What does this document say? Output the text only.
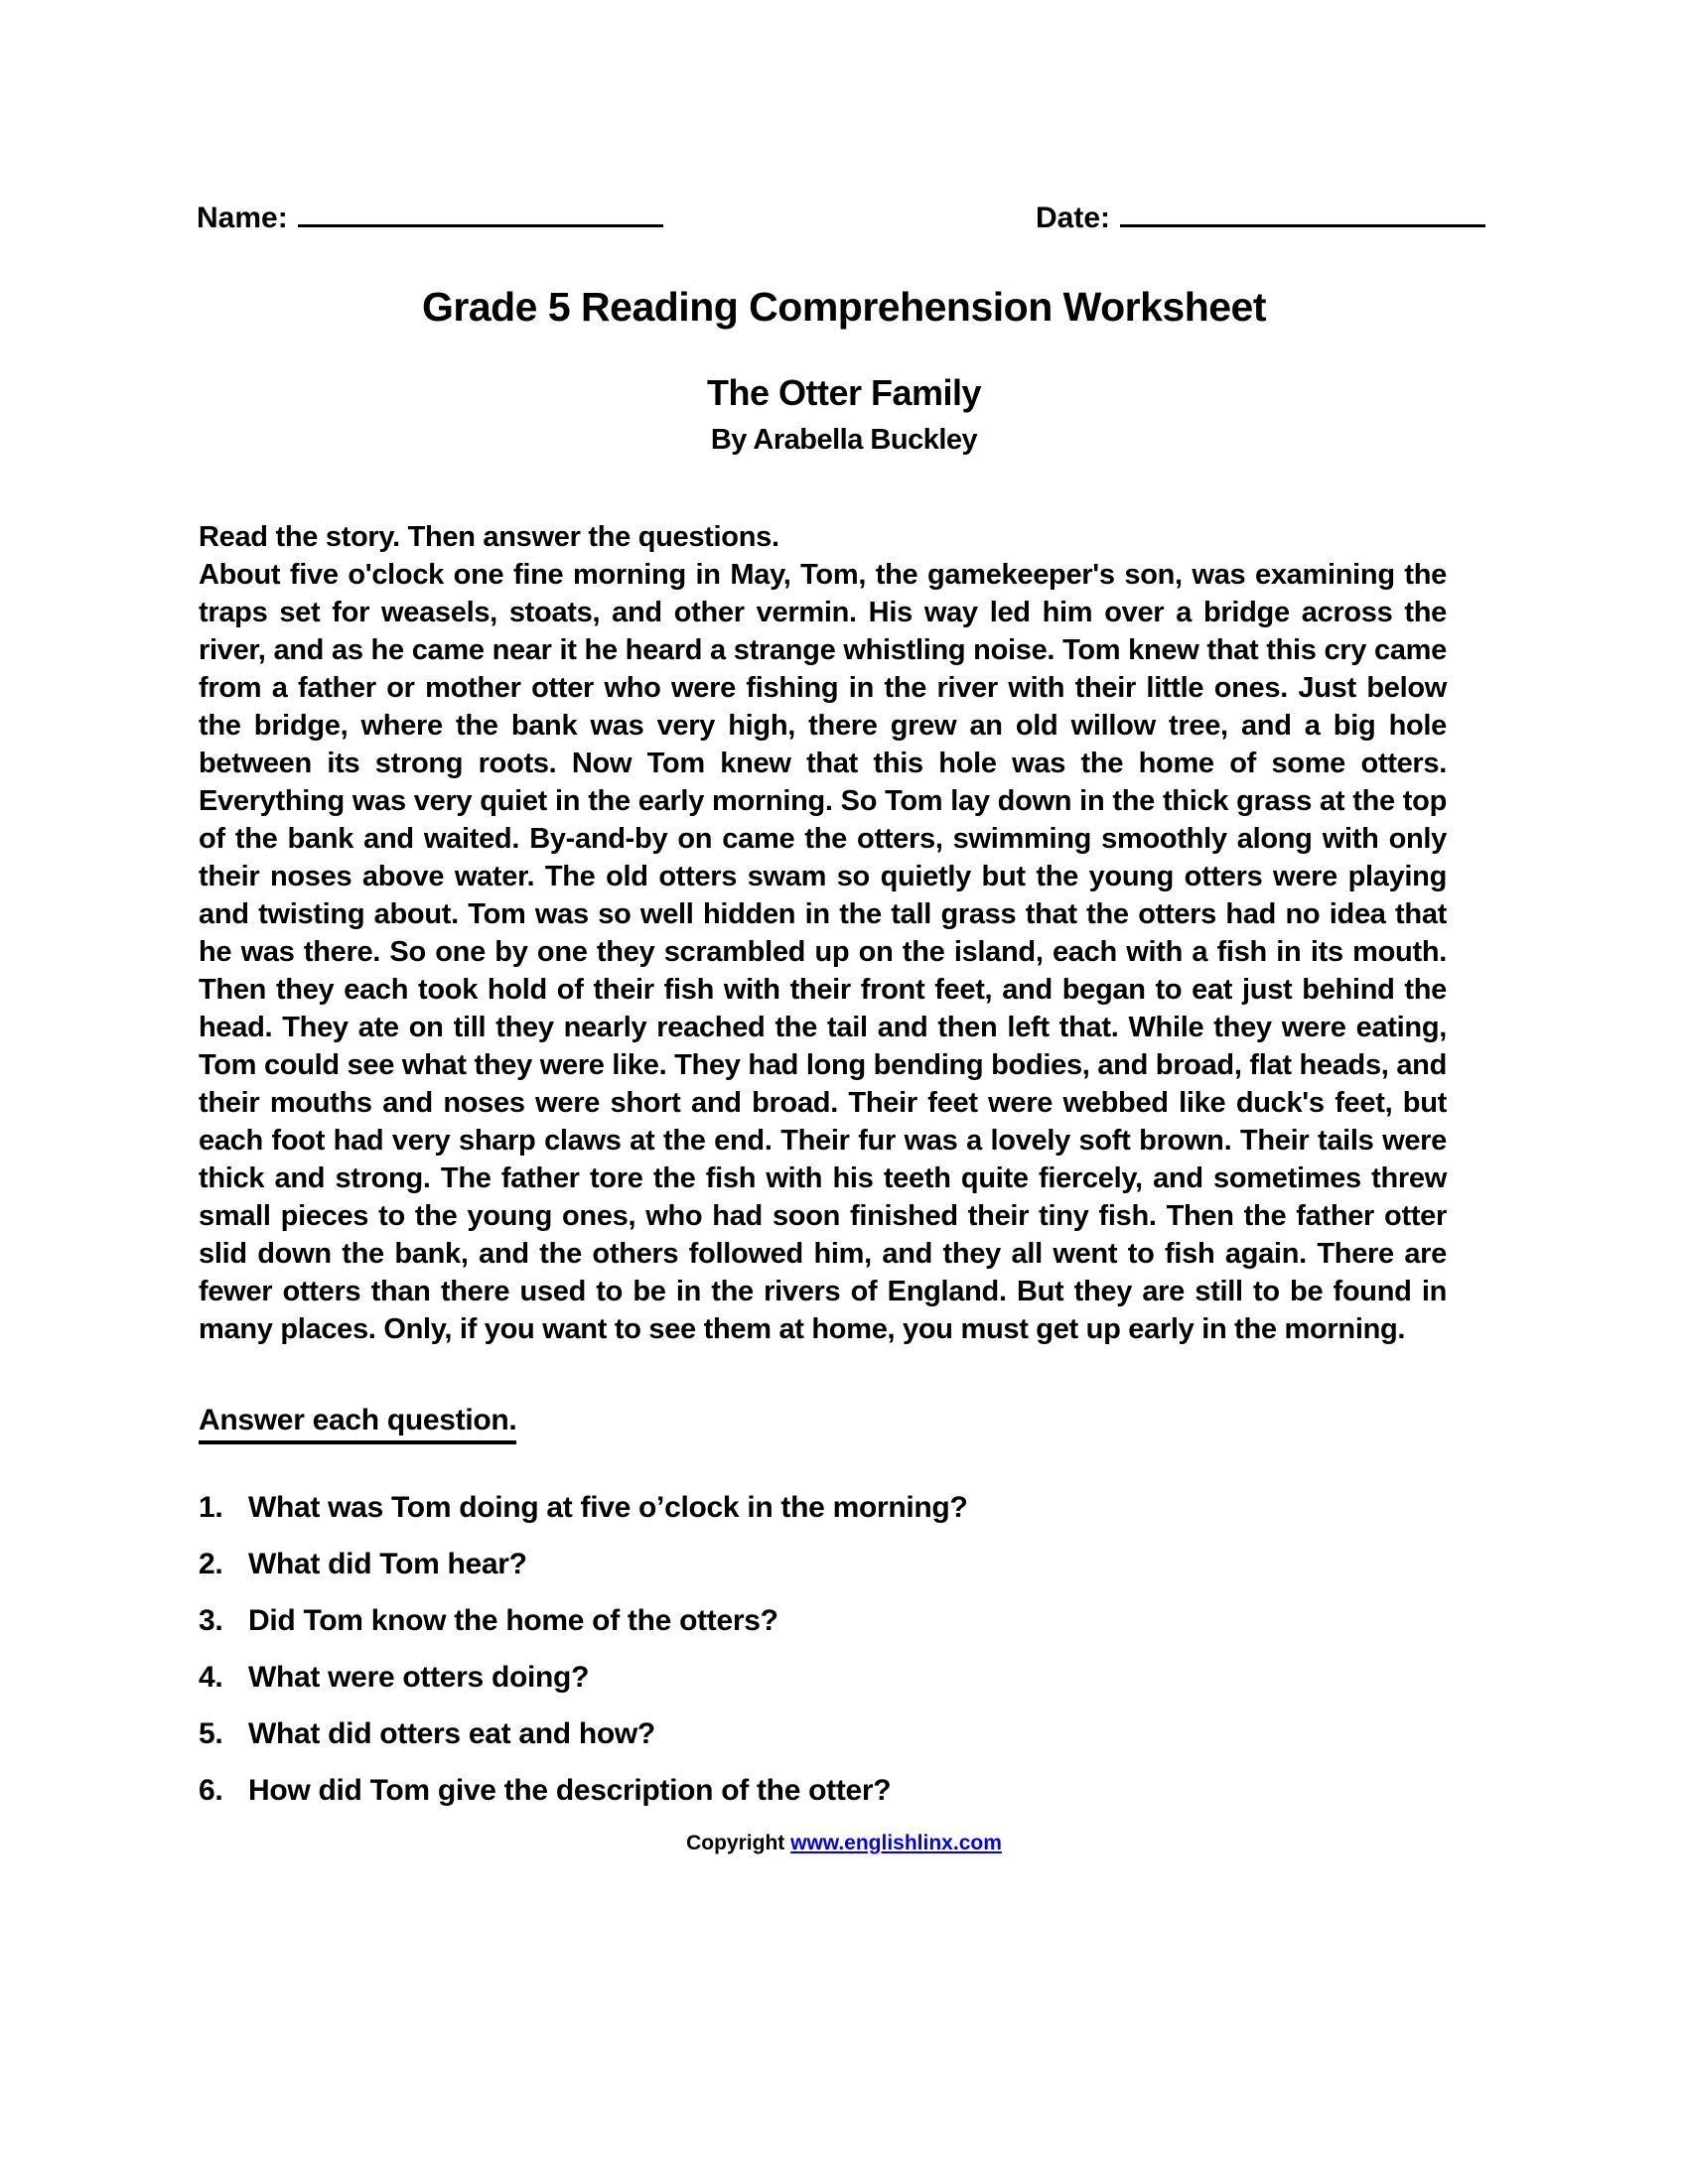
Name:	Date:
Grade 5 Reading Comprehension Worksheet
The Otter Family
By Arabella Buckley

Read the story. Then answer the questions.

About five o'clock one fine morning in May, Tom, the gamekeeper's son, was examining the traps set for weasels, stoats, and other vermin. His way led him over a bridge across the river, and as he came near it he heard a strange whistling noise. Tom knew that this cry came from a father or mother otter who were fishing in the river with their little ones. Just below the bridge, where the bank was very high, there grew an old willow tree, and a big hole between its strong roots. Now Tom knew that this hole was the home of some otters. Everything was very quiet in the early morning. So Tom lay down in the thick grass at the top of the bank and waited. By-and-by on came the otters, swimming smoothly along with only their noses above water. The old otters swam so quietly but the young otters were playing and twisting about. Tom was so well hidden in the tall grass that the otters had no idea that he was there. So one by one they scrambled up on the island, each with a fish in its mouth. Then they each took hold of their fish with their front feet, and began to eat just behind the head. They ate on till they nearly reached the tail and then left that. While they were eating, Tom could see what they were like. They had long bending bodies, and broad, flat heads, and their mouths and noses were short and broad. Their feet were webbed like duck's feet, but each foot had very sharp claws at the end. Their fur was a lovely soft brown. Their tails were thick and strong. The father tore the fish with his teeth quite fiercely, and sometimes threw small pieces to the young ones, who had soon finished their tiny fish. Then the father otter slid down the bank, and the others followed him, and they all went to fish again. There are fewer otters than there used to be in the rivers of England. But they are still to be found in many places. Only, if you want to see them at home, you must get up early in the morning.

Answer each question.
1. What was Tom doing at five o’clock in the morning?
2. What did Tom hear?
3. Did Tom know the home of the otters?
4. What were otters doing?
5. What did otters eat and how?
6. How did Tom give the description of the otter?
Copyright www.englishlinx.com
